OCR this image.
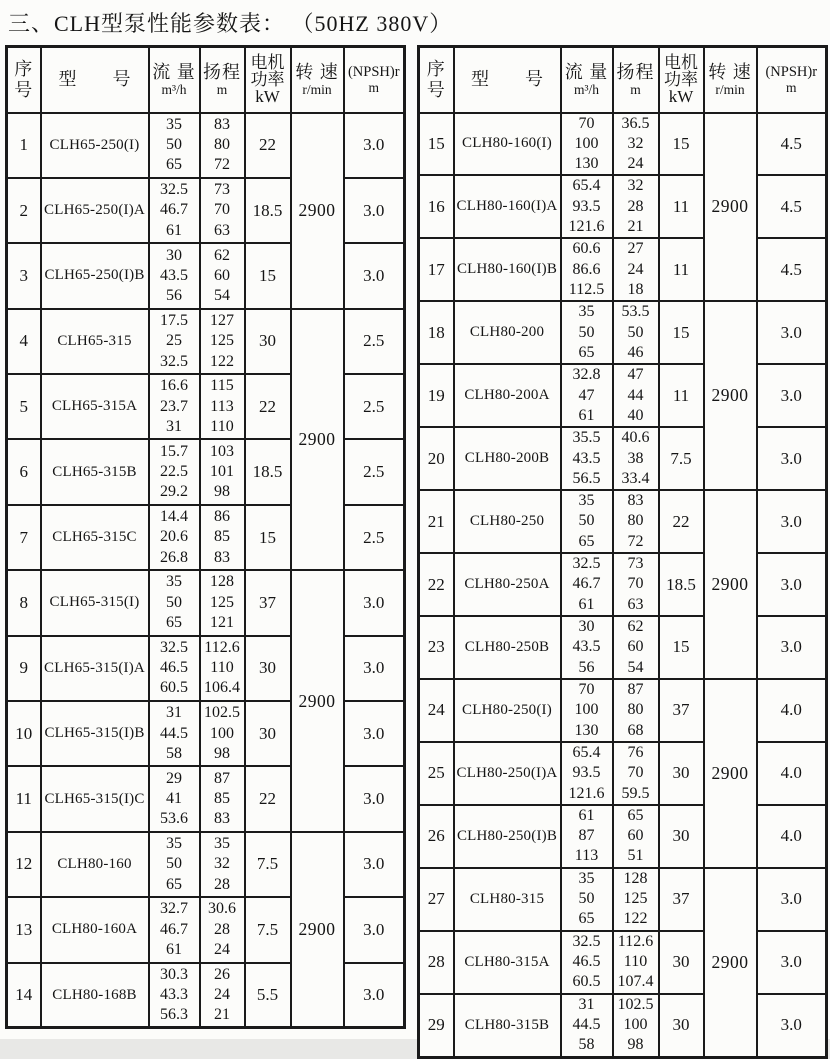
三、CLH型泵性能参数表： （50HZ 380V）
序
号

型　　号	流 量
m³/h

扬程
m

电机
功率
kW

转 速
r/min

(NPSH)r
m

1	CLH65-250(I)	35
50
65	83
80
72	22	2900	3.0
2	CLH65-250(I)A	32.5
46.7
61	73
70
63	18.5		3.0
3	CLH65-250(I)B	30
43.5
56	62
60
54	15		3.0
4	CLH65-315	17.5
25
32.5	127
125
122	30	2900	2.5
5	CLH65-315A	16.6
23.7
31	115
113
110	22		2.5
6	CLH65-315B	15.7
22.5
29.2	103
101
98	18.5		2.5
7	CLH65-315C	14.4
20.6
26.8	86
85
83	15		2.5
8	CLH65-315(I)	35
50
65	128
125
121	37	2900	3.0
9	CLH65-315(I)A	32.5
46.5
60.5	112.6
110
106.4	30		3.0
10	CLH65-315(I)B	31
44.5
58	102.5
100
98	30		3.0
11	CLH65-315(I)C	29
41
53.6	87
85
83	22		3.0
12	CLH80-160	35
50
65	35
32
28	7.5	2900	3.0
13	CLH80-160A	32.7
46.7
61	30.6
28
24	7.5		3.0
14	CLH80-168B	30.3
43.3
56.3	26
24
21	5.5		3.0
序
号

型　　号	流 量
m³/h

扬程
m

电机
功率
kW

转 速
r/min

(NPSH)r
m

15	CLH80-160(I)	70
100
130	36.5
32
24	15	2900	4.5
16	CLH80-160(I)A	65.4
93.5
121.6	32
28
21	11		4.5
17	CLH80-160(I)B	60.6
86.6
112.5	27
24
18	11		4.5
18	CLH80-200	35
50
65	53.5
50
46	15	2900	3.0
19	CLH80-200A	32.8
47
61	47
44
40	11		3.0
20	CLH80-200B	35.5
43.5
56.5	40.6
38
33.4	7.5		3.0
21	CLH80-250	35
50
65	83
80
72	22	2900	3.0
22	CLH80-250A	32.5
46.7
61	73
70
63	18.5		3.0
23	CLH80-250B	30
43.5
56	62
60
54	15		3.0
24	CLH80-250(I)	70
100
130	87
80
68	37	2900	4.0
25	CLH80-250(I)A	65.4
93.5
121.6	76
70
59.5	30		4.0
26	CLH80-250(I)B	61
87
113	65
60
51	30		4.0
27	CLH80-315	35
50
65	128
125
122	37	2900	3.0
28	CLH80-315A	32.5
46.5
60.5	112.6
110
107.4	30		3.0
29	CLH80-315B	31
44.5
58	102.5
100
98	30		3.0
